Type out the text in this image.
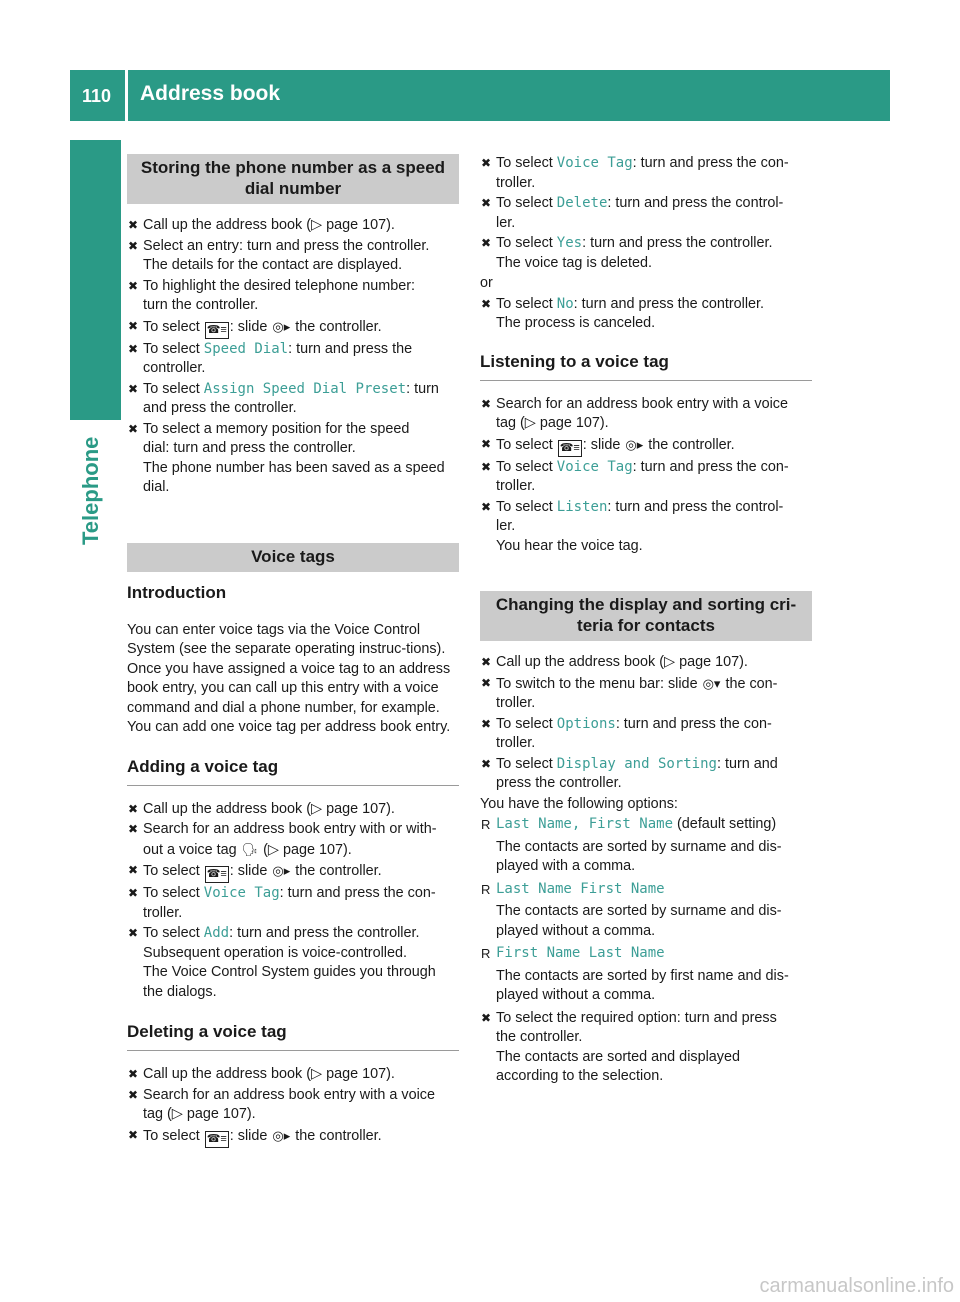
110 Address book
Telephone
Storing the phone number as a speed dial number
✖ Call up the address book (▷ page 107).
✖ Select an entry: turn and press the controller.
The details for the contact are displayed.
✖ To highlight the desired telephone number:
turn the controller.
✖ To select ☎≡ : slide ◎▸ the controller.
✖ To select Speed Dial: turn and press the
controller.
✖ To select Assign Speed Dial Preset: turn
and press the controller.
✖ To select a memory position for the speed
dial: turn and press the controller.
The phone number has been saved as a speed
dial.
Voice tags
Introduction
You can enter voice tags via the Voice Control System (see the separate operating instruc-tions). Once you have assigned a voice tag to an address book entry, you can call up this entry with a voice command and dial a phone number, for example. You can add one voice tag per address book entry.
Adding a voice tag
✖ Call up the address book (▷ page 107).
✖ Search for an address book entry with or with-
out a voice tag 🗣 (▷ page 107).
✖ To select ☎≡ : slide ◎▸ the controller.
✖ To select Voice Tag: turn and press the con-
troller.
✖ To select Add: turn and press the controller.
Subsequent operation is voice-controlled.
The Voice Control System guides you through
the dialogs.
Deleting a voice tag
✖ Call up the address book (▷ page 107).
✖ Search for an address book entry with a voice
tag (▷ page 107).
✖ To select ☎≡ : slide ◎▸ the controller.
✖ To select Voice Tag: turn and press the con-
troller.
✖ To select Delete: turn and press the control-
ler.
✖ To select Yes: turn and press the controller.
The voice tag is deleted.
or
✖ To select No: turn and press the controller.
The process is canceled.
Listening to a voice tag
✖ Search for an address book entry with a voice
tag (▷ page 107).
✖ To select ☎≡ : slide ◎▸ the controller.
✖ To select Voice Tag: turn and press the con-
troller.
✖ To select Listen: turn and press the control-
ler.
You hear the voice tag.
Changing the display and sorting cri-teria for contacts
✖ Call up the address book (▷ page 107).
✖ To switch to the menu bar: slide ◎▾ the con-
troller.
✖ To select Options: turn and press the con-
troller.
✖ To select Display and Sorting: turn and
press the controller.
You have the following options:
R Last Name, First Name (default setting)
The contacts are sorted by surname and dis-
played with a comma.
R Last Name First Name
The contacts are sorted by surname and dis-
played without a comma.
R First Name Last Name
The contacts are sorted by first name and dis-
played without a comma.
✖ To select the required option: turn and press
the controller.
The contacts are sorted and displayed
according to the selection.
carmanualsonline.info
